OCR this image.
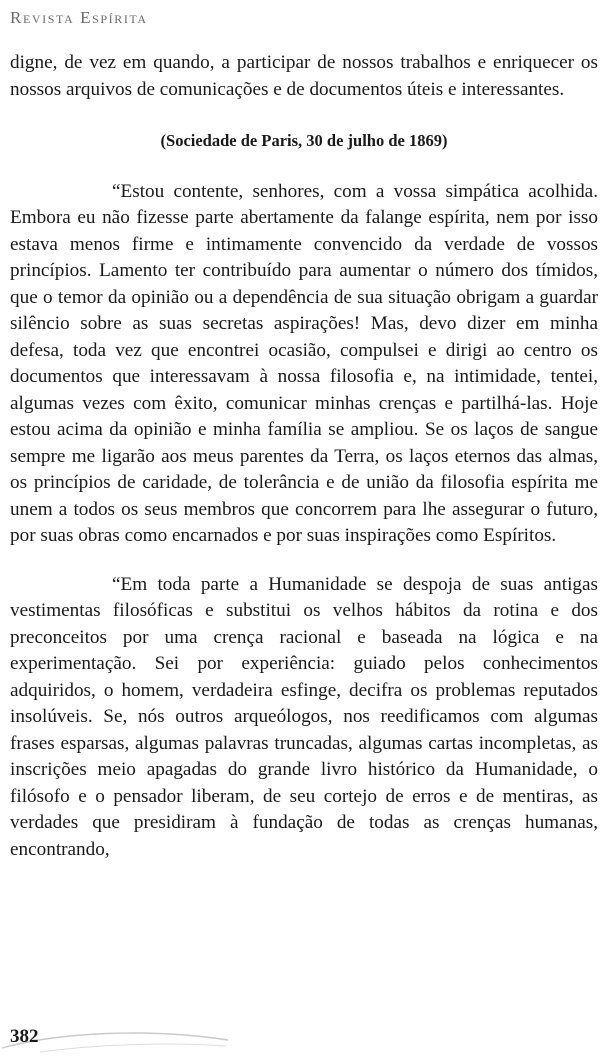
Revista Espírita

digne, de vez em quando, a participar de nossos trabalhos e enriquecer os nossos arquivos de comunicações e de documentos úteis e interessantes.

(Sociedade de Paris, 30 de julho de 1869)

“Estou contente, senhores, com a vossa simpática acolhida. Embora eu não fizesse parte abertamente da falange espírita, nem por isso estava menos firme e intimamente convencido da verdade de vossos princípios. Lamento ter contribuído para aumentar o número dos tímidos, que o temor da opinião ou a dependência de sua situação obrigam a guardar silêncio sobre as suas secretas aspirações! Mas, devo dizer em minha defesa, toda vez que encontrei ocasião, compulsei e dirigi ao centro os documentos que interessavam à nossa filosofia e, na intimidade, tentei, algumas vezes com êxito, comunicar minhas crenças e partilhá-las. Hoje estou acima da opinião e minha família se ampliou. Se os laços de sangue sempre me ligarão aos meus parentes da Terra, os laços eternos das almas, os princípios de caridade, de tolerância e de união da filosofia espírita me unem a todos os seus membros que concorrem para lhe assegurar o futuro, por suas obras como encarnados e por suas inspirações como Espíritos.

“Em toda parte a Humanidade se despoja de suas antigas vestimentas filosóficas e substitui os velhos hábitos da rotina e dos preconceitos por uma crença racional e baseada na lógica e na experimentação. Sei por experiência: guiado pelos conhecimentos adquiridos, o homem, verdadeira esfinge, decifra os problemas reputados insolúveis. Se, nós outros arqueólogos, nos reedificamos com algumas frases esparsas, algumas palavras truncadas, algumas cartas incompletas, as inscrições meio apagadas do grande livro histórico da Humanidade, o filósofo e o pensador liberam, de seu cortejo de erros e de mentiras, as verdades que presidiram à fundação de todas as crenças humanas, encontrando,

382
